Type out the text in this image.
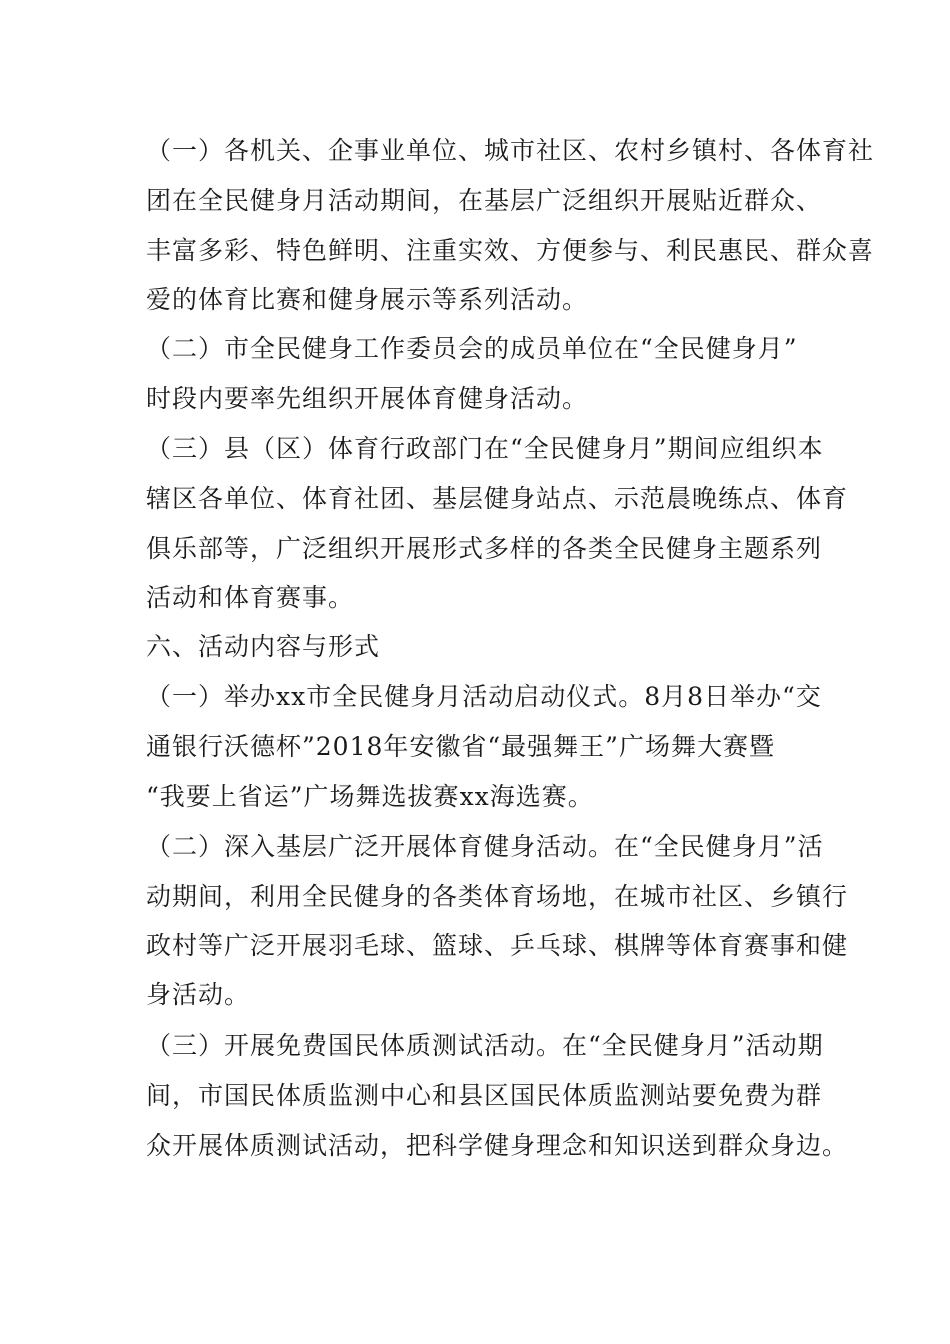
（一）各机关、企事业单位、城市社区、农村乡镇村、各体育社
团在全民健身月活动期间，在基层广泛组织开展贴近群众、
丰富多彩、特色鲜明、注重实效、方便参与、利民惠民、群众喜
爱的体育比赛和健身展示等系列活动。
（二）市全民健身工作委员会的成员单位在“全民健身月”
时段内要率先组织开展体育健身活动。
（三）县（区）体育行政部门在“全民健身月”期间应组织本
辖区各单位、体育社团、基层健身站点、示范晨晚练点、体育
俱乐部等，广泛组织开展形式多样的各类全民健身主题系列
活动和体育赛事。
六、活动内容与形式
（一）举办xx市全民健身月活动启动仪式。8月8日举办“交
通银行沃德杯”2018年安徽省“最强舞王”广场舞大赛暨
“我要上省运”广场舞选拔赛xx海选赛。
（二）深入基层广泛开展体育健身活动。在“全民健身月”活
动期间，利用全民健身的各类体育场地，在城市社区、乡镇行
政村等广泛开展羽毛球、篮球、乒乓球、棋牌等体育赛事和健
身活动。
（三）开展免费国民体质测试活动。在“全民健身月”活动期
间，市国民体质监测中心和县区国民体质监测站要免费为群
众开展体质测试活动，把科学健身理念和知识送到群众身边。
